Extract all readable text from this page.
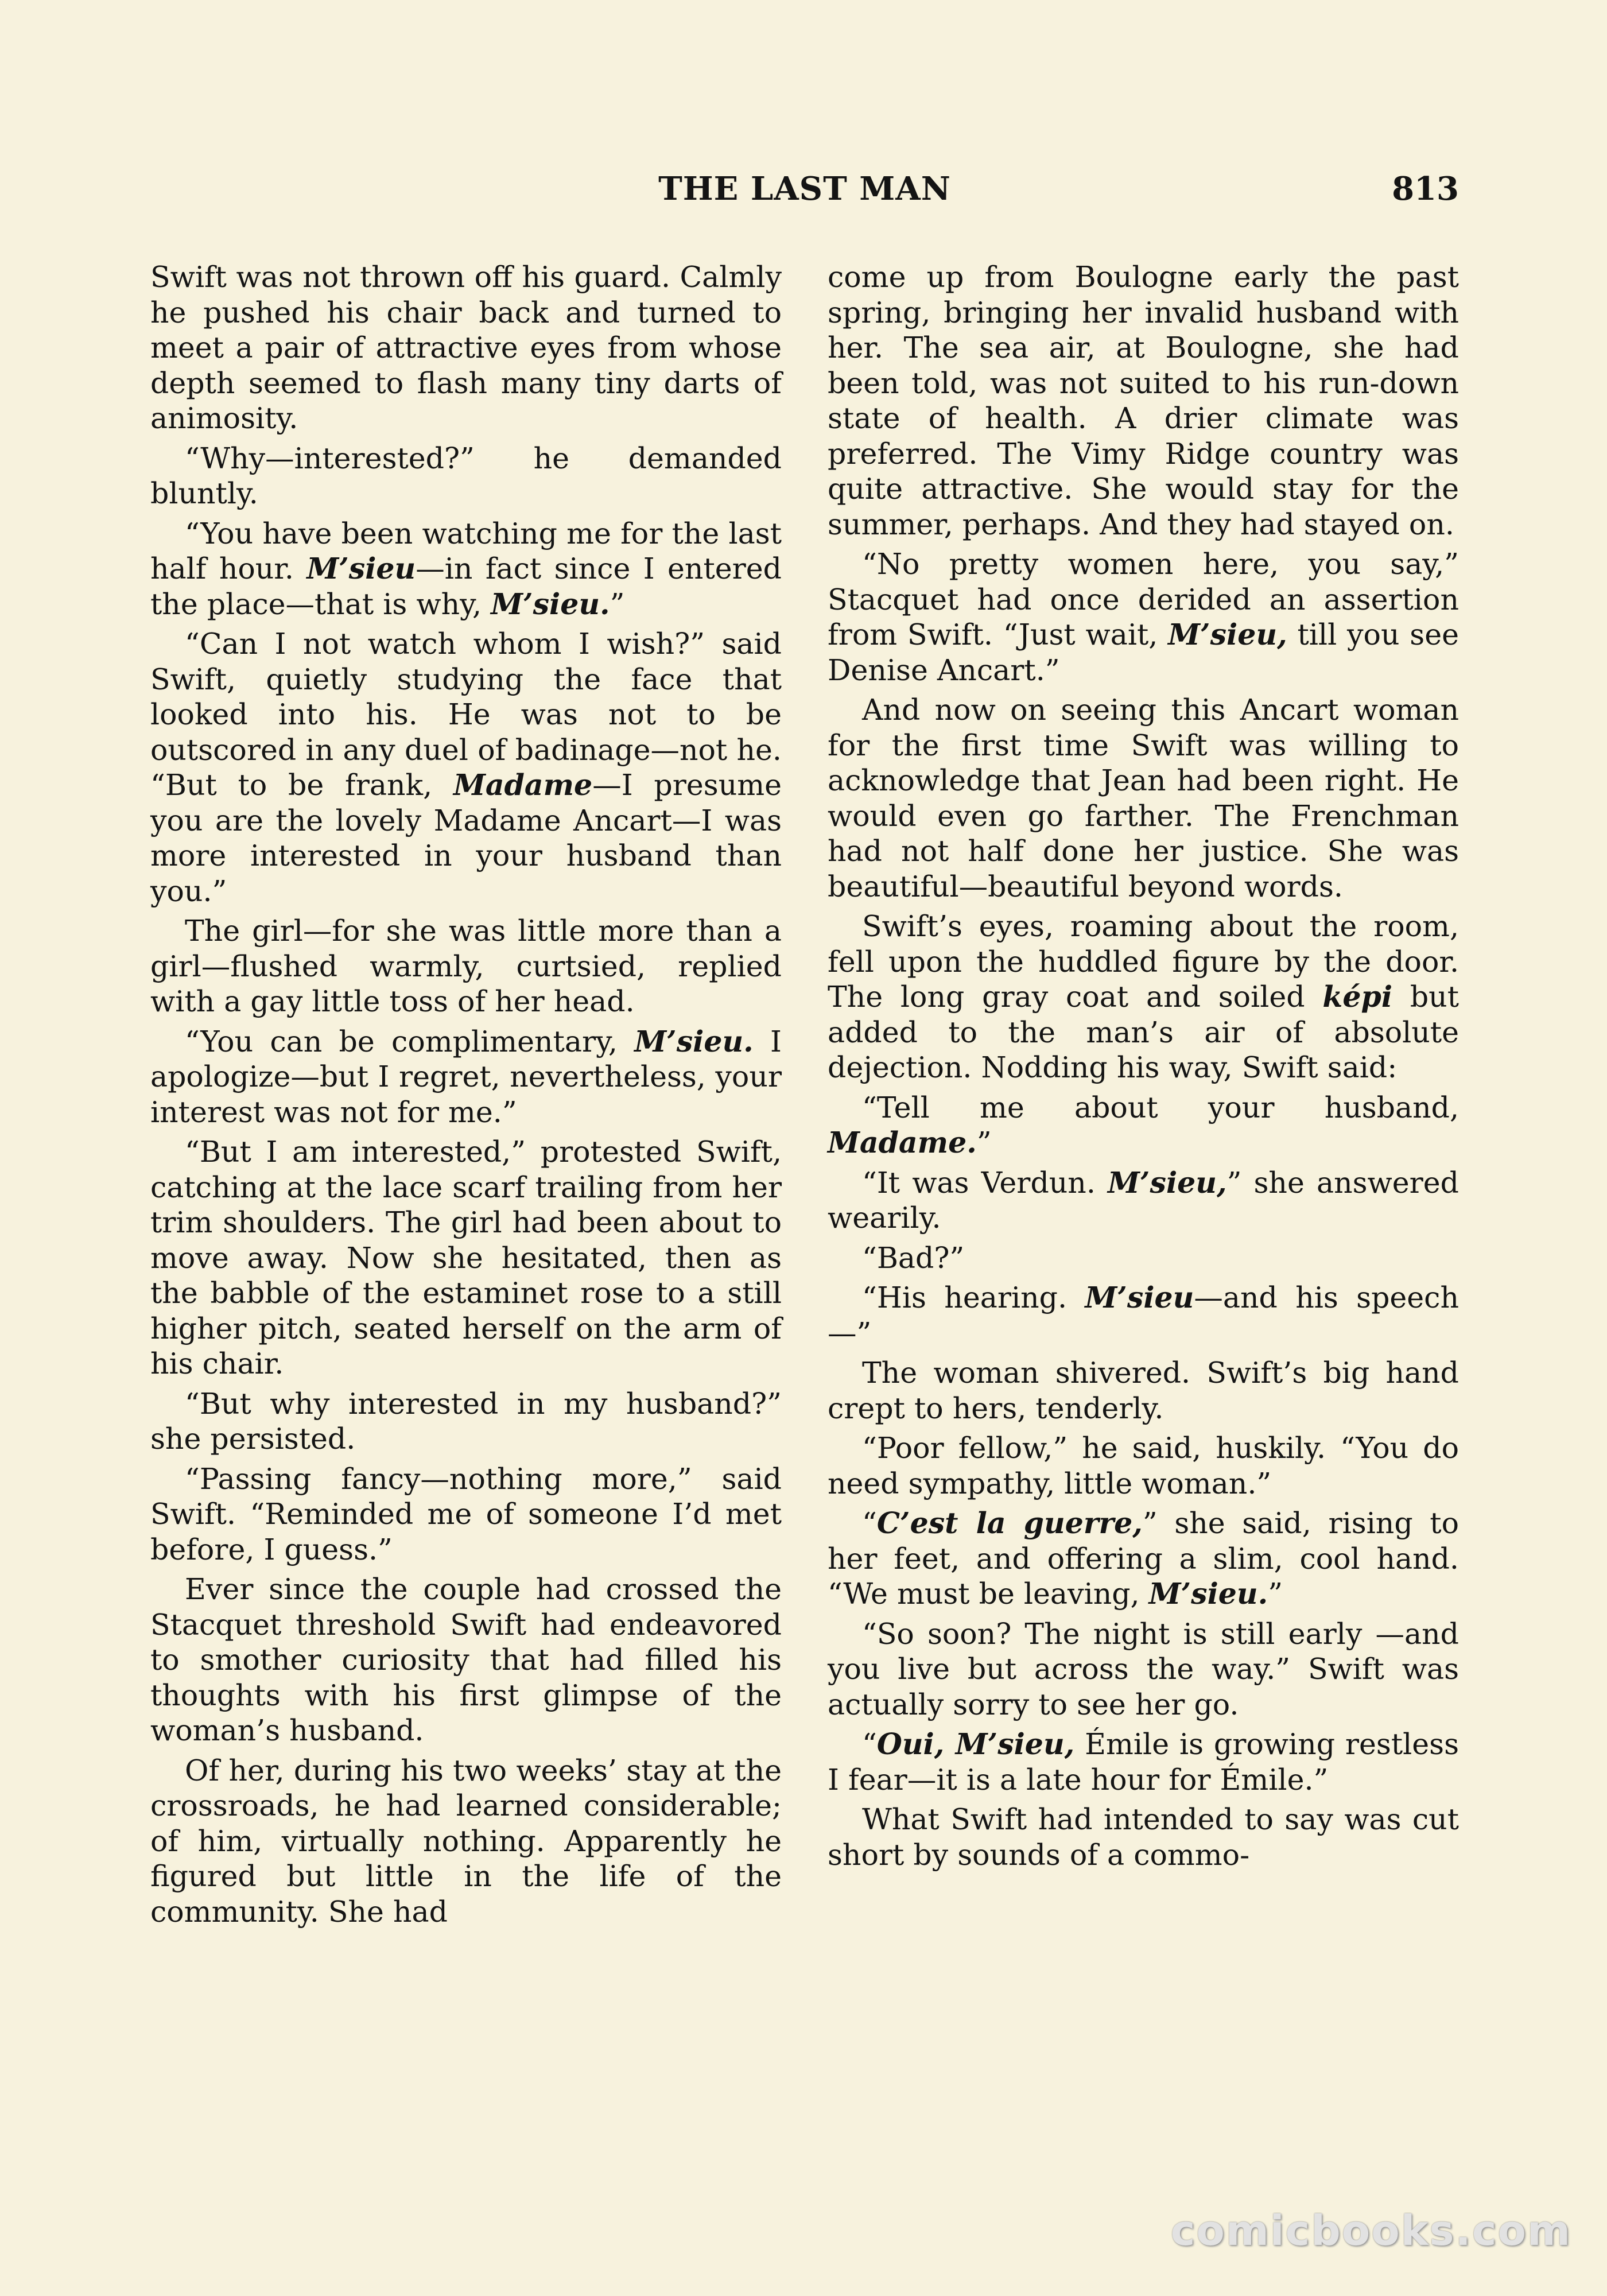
THE LAST MAN	813

Swift was not thrown off his guard. Calmly he pushed his chair back and turned to meet a pair of attractive eyes from whose depth seemed to flash many tiny darts of animosity.

“Why—interested?” he demanded bluntly.

“You have been watching me for the last half hour. M’sieu—in fact since I entered the place—that is why, M’sieu.”

“Can I not watch whom I wish?” said Swift, quietly studying the face that looked into his. He was not to be outscored in any duel of badinage—not he. “But to be frank, Madame—I presume you are the lovely Madame Ancart—I was more interested in your husband than you.”

The girl—for she was little more than a girl—flushed warmly, curtsied, replied with a gay little toss of her head.

“You can be complimentary, M’sieu. I apologize—but I regret, nevertheless, your interest was not for me.”

“But I am interested,” protested Swift, catching at the lace scarf trailing from her trim shoulders. The girl had been about to move away. Now she hesitated, then as the babble of the estaminet rose to a still higher pitch, seated herself on the arm of his chair.

“But why interested in my husband?” she persisted.

“Passing fancy—nothing more,” said Swift. “Reminded me of someone I’d met before, I guess.”

Ever since the couple had crossed the Stacquet threshold Swift had endeavored to smother curiosity that had filled his thoughts with his first glimpse of the woman’s husband.

Of her, during his two weeks’ stay at the crossroads, he had learned considerable; of him, virtually nothing. Apparently he figured but little in the life of the community. She had

come up from Boulogne early the past spring, bringing her invalid husband with her. The sea air, at Boulogne, she had been told, was not suited to his run-down state of health. A drier climate was preferred. The Vimy Ridge country was quite attractive. She would stay for the summer, perhaps. And they had stayed on.

“No pretty women here, you say,” Stacquet had once derided an assertion from Swift. “Just wait, M’sieu, till you see Denise Ancart.”

And now on seeing this Ancart woman for the first time Swift was willing to acknowledge that Jean had been right. He would even go farther. The Frenchman had not half done her justice. She was beautiful—beautiful beyond words.

Swift’s eyes, roaming about the room, fell upon the huddled figure by the door. The long gray coat and soiled képi but added to the man’s air of absolute dejection. Nodding his way, Swift said:

“Tell me about your husband, Madame.”

“It was Verdun. M’sieu,” she answered wearily.

“Bad?”

“His hearing. M’sieu—and his speech—”

The woman shivered. Swift’s big hand crept to hers, tenderly.

“Poor fellow,” he said, huskily. “You do need sympathy, little woman.”

“C’est la guerre,” she said, rising to her feet, and offering a slim, cool hand. “We must be leaving, M’sieu.”

“So soon? The night is still early —and you live but across the way.” Swift was actually sorry to see her go.

“Oui, M’sieu, Émile is growing restless I fear—it is a late hour for Émile.”

What Swift had intended to say was cut short by sounds of a commo-

comicbooks.com
